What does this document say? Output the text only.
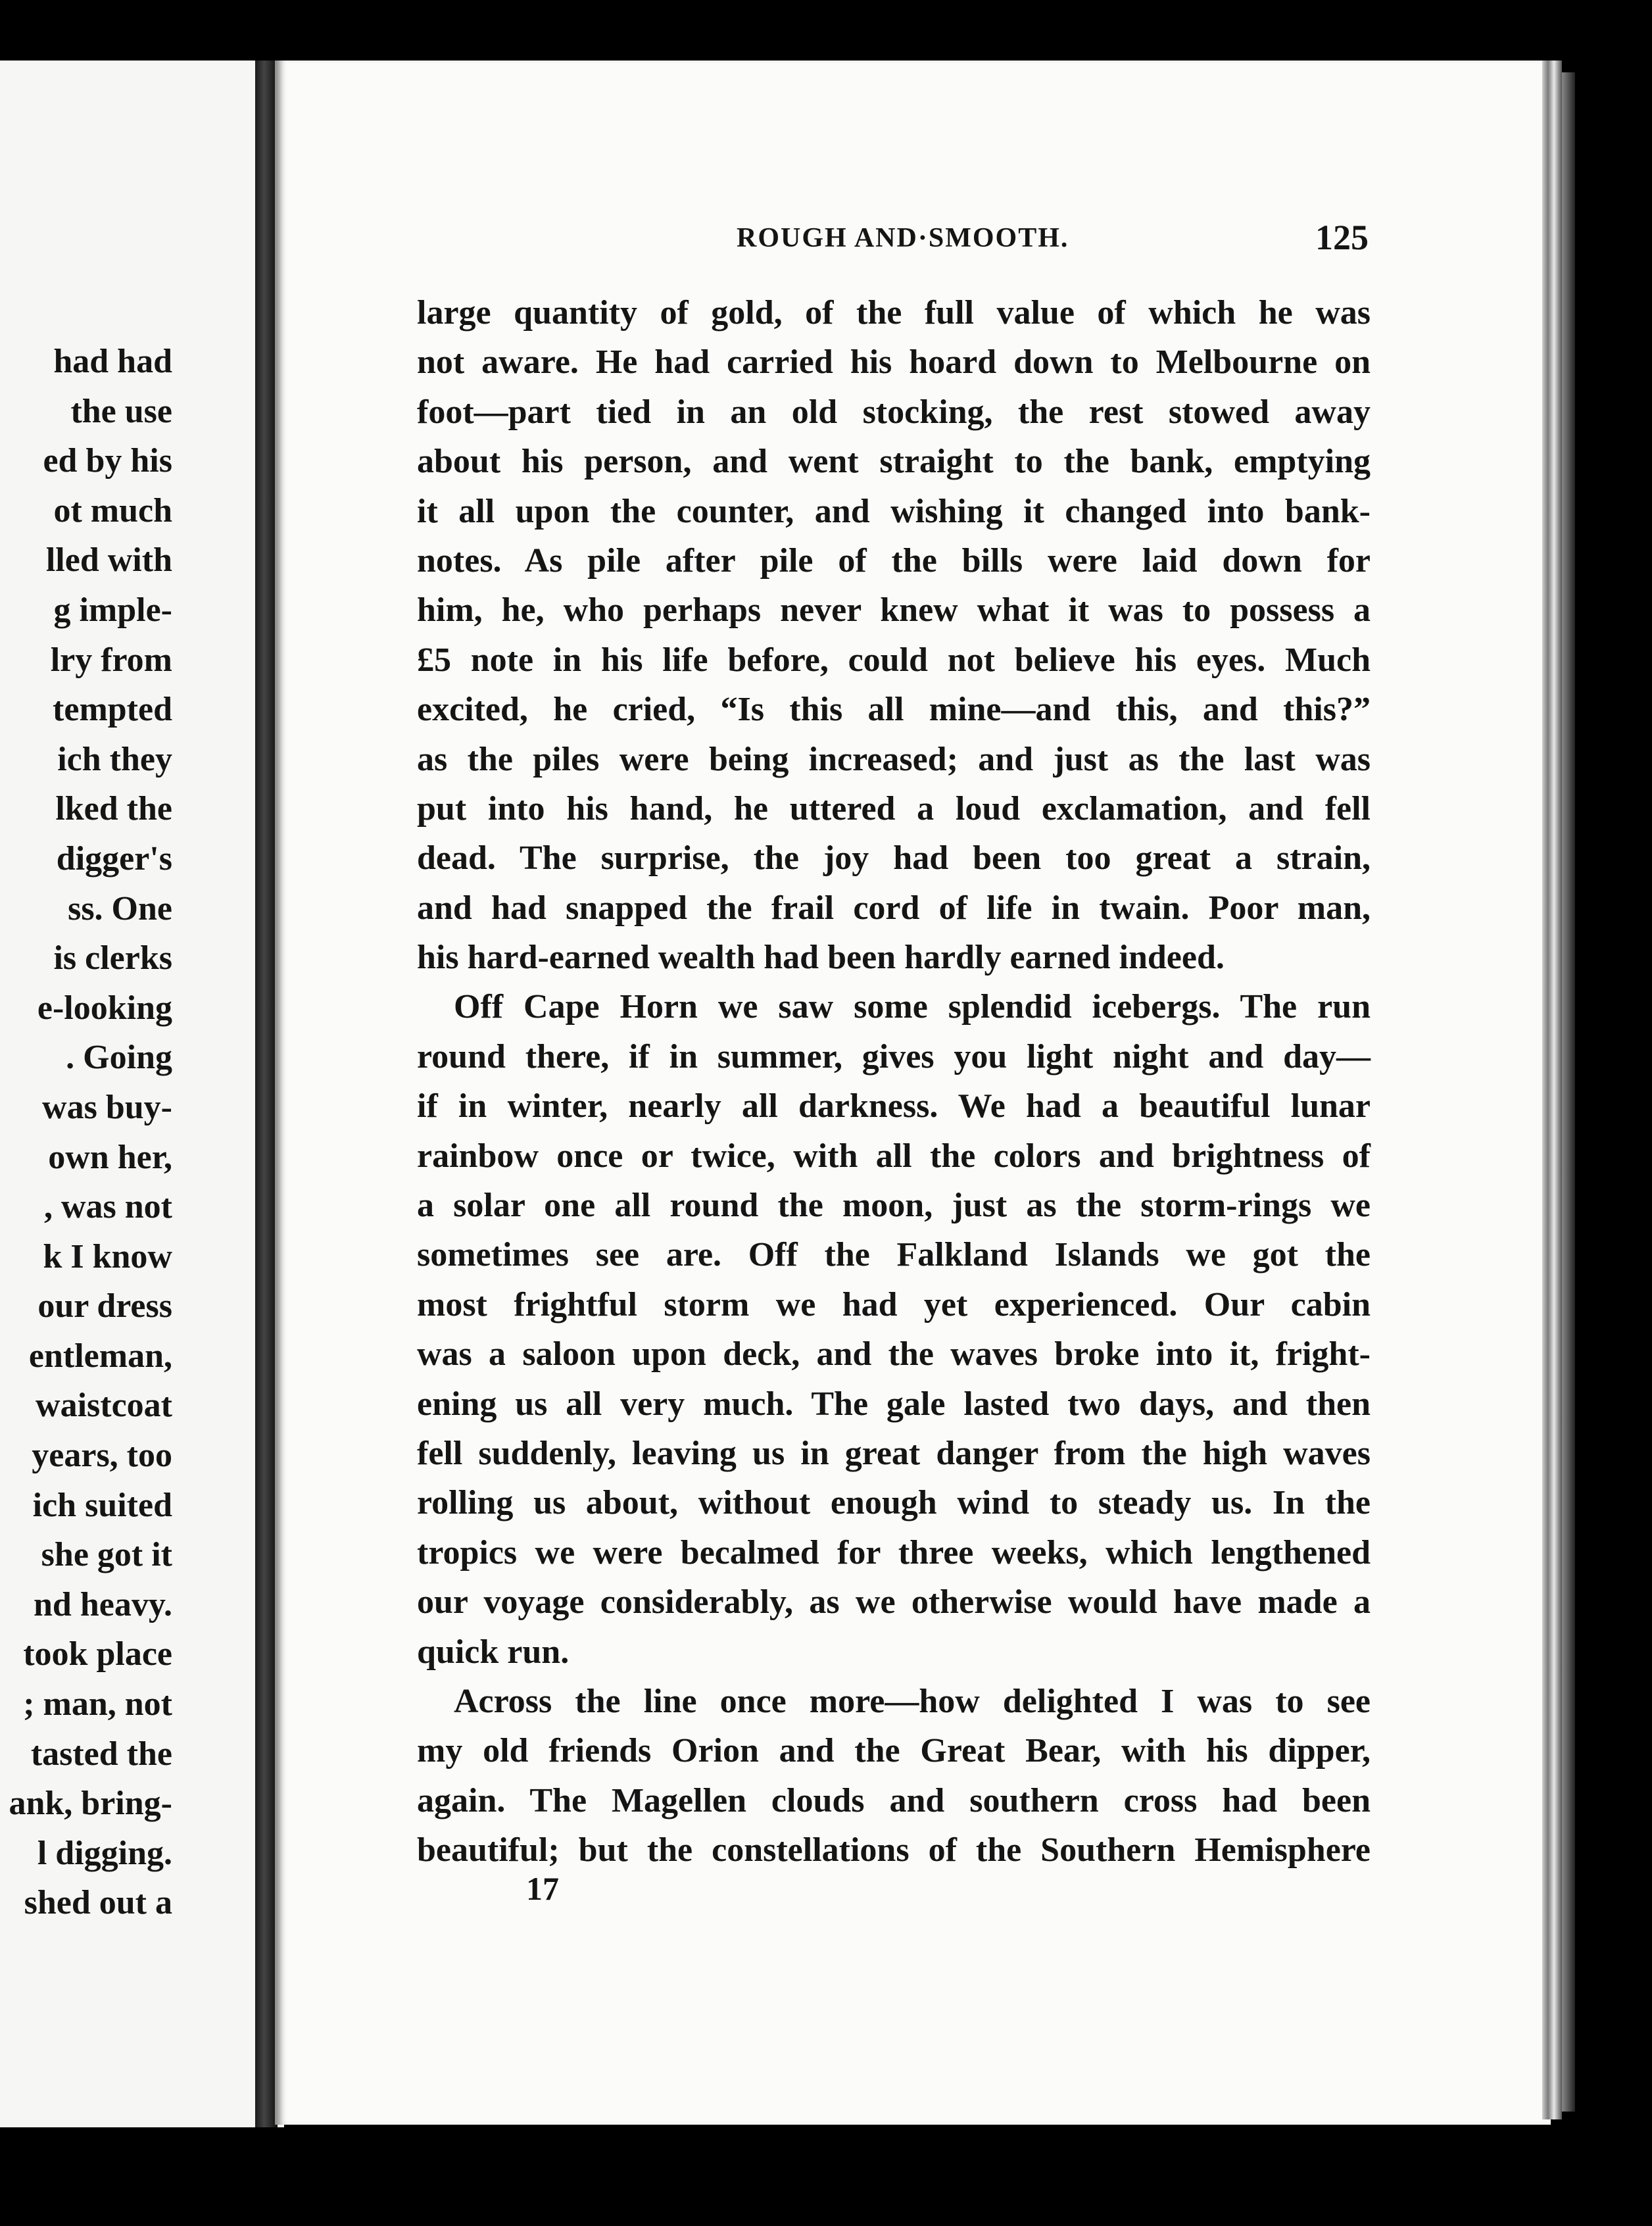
had had
the use
ed by his
ot much
lled with
g imple-
lry from
tempted
ich they
lked the
digger's
ss. One
is clerks
e-looking
. Going
was buy-
own her,
, was not
k I know
our dress
entleman,
waistcoat
years, too
ich suited
she got it
nd heavy.
took place
; man, not
tasted the
ank, bring-
l digging.
shed out a
ROUGH AND·SMOOTH.	125
large quantity of gold, of the full value of which he was
not aware. He had carried his hoard down to Melbourne on
foot—part tied in an old stocking, the rest stowed away
about his person, and went straight to the bank, emptying
it all upon the counter, and wishing it changed into bank-
notes. As pile after pile of the bills were laid down for
him, he, who perhaps never knew what it was to possess a
£5 note in his life before, could not believe his eyes. Much
excited, he cried, “Is this all mine—and this, and this?”
as the piles were being increased; and just as the last was
put into his hand, he uttered a loud exclamation, and fell
dead. The surprise, the joy had been too great a strain,
and had snapped the frail cord of life in twain. Poor man,
his hard-earned wealth had been hardly earned indeed.
Off Cape Horn we saw some splendid icebergs. The run
round there, if in summer, gives you light night and day—
if in winter, nearly all darkness. We had a beautiful lunar
rainbow once or twice, with all the colors and brightness of
a solar one all round the moon, just as the storm-rings we
sometimes see are. Off the Falkland Islands we got the
most frightful storm we had yet experienced. Our cabin
was a saloon upon deck, and the waves broke into it, fright-
ening us all very much. The gale lasted two days, and then
fell suddenly, leaving us in great danger from the high waves
rolling us about, without enough wind to steady us. In the
tropics we were becalmed for three weeks, which lengthened
our voyage considerably, as we otherwise would have made a
quick run.
Across the line once more—how delighted I was to see
my old friends Orion and the Great Bear, with his dipper,
again. The Magellen clouds and southern cross had been
beautiful; but the constellations of the Southern Hemisphere
17
